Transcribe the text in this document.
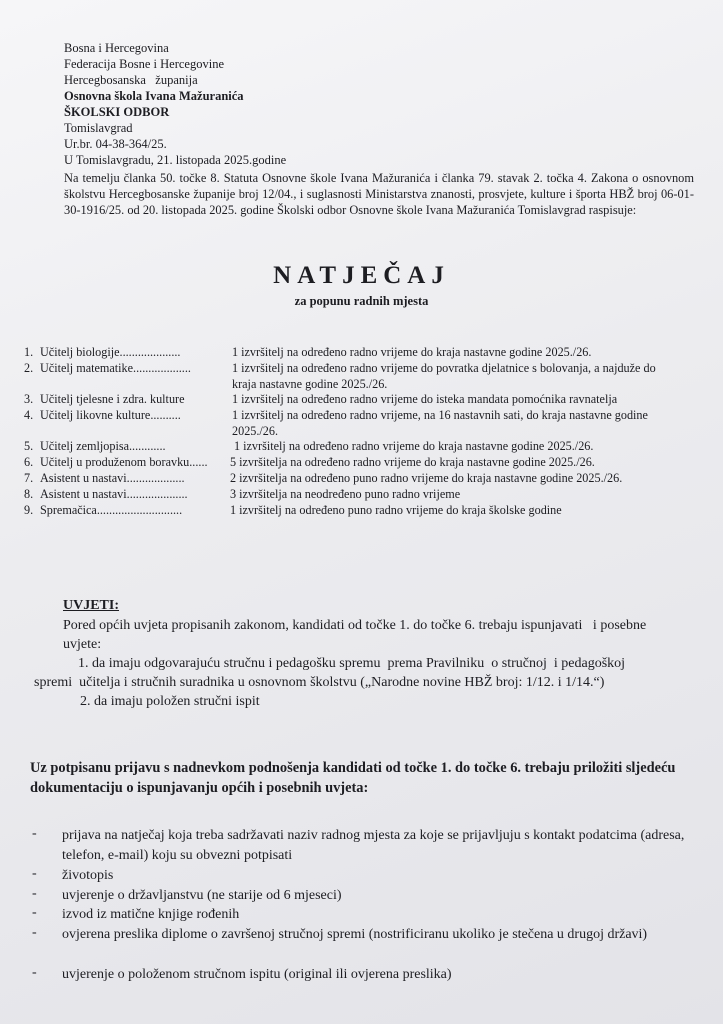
Bosna i Hercegovina
Federacija Bosne i Hercegovine
Hercegbosanska   županija
Osnovna škola Ivana Mažuranića
ŠKOLSKI ODBOR
Tomislavgrad
Ur.br. 04-38-364/25.
U Tomislavgradu, 21. listopada 2025.godine
Na temelju članka 50. točke 8. Statuta Osnovne škole Ivana Mažuranića i članka 79. stavak 2. točka 4. Zakona o osnovnom školstvu Hercegbosanske županije broj 12/04., i suglasnosti Ministarstva znanosti, prosvjete, kulture i športa HBŽ broj 06-01-30-1916/25. od 20. listopada 2025. godine Školski odbor Osnovne škole Ivana Mažuranića Tomislavgrad raspisuje:
NATJEČAJ
za popunu radnih mjesta
1. Učitelj biologije....................	1 izvršitelj na određeno radno vrijeme do kraja nastavne godine 2025./26.
2. Učitelj matematike...................	1 izvršitelj na određeno radno vrijeme do povratka djelatnice s bolovanja, a najduže do kraja nastavne godine 2025./26.
3. Učitelj tjelesne i zdra. kulture	1 izvršitelj na određeno radno vrijeme do isteka mandata pomoćnika ravnatelja
4. Učitelj likovne kulture..........	1 izvršitelj na određeno radno vrijeme, na 16 nastavnih sati, do kraja nastavne godine 2025./26.
5. Učitelj zemljopisa............	1 izvršitelj na određeno radno vrijeme do kraja nastavne godine 2025./26.
6. Učitelj u produženom boravku...... 5 izvršitelja na određeno radno vrijeme do kraja nastavne godine 2025./26.
7. Asistent u nastavi...................	2 izvršitelja na određeno puno radno vrijeme do kraja nastavne godine 2025./26.
8. Asistent u nastavi....................	3 izvršitelja na neodređeno puno radno vrijeme
9. Spremačica............................	1 izvršitelj na određeno puno radno vrijeme do kraja školske godine
UVJETI:
Pored općih uvjeta propisanih zakonom, kandidati od točke 1. do točke 6. trebaju ispunjavati   i posebne
uvjete:
1. da imaju odgovarajuću stručnu i pedagošku spremu  prema Pravilniku  o stručnoj  i pedagoškoj
spremi  učitelja i stručnih suradnika u osnovnom školstvu („Narodne novine HBŽ broj: 1/12. i 1/14.“)
2. da imaju položen stručni ispit
Uz potpisanu prijavu s nadnevkom podnošenja kandidati od točke 1. do točke 6. trebaju priložiti sljedeću dokumentaciju o ispunjavanju općih i posebnih uvjeta:
- prijava na natječaj koja treba sadržavati naziv radnog mjesta za koje se prijavljuju s kontakt podatcima (adresa, telefon, e-mail) koju su obvezni potpisati
- životopis
- uvjerenje o državljanstvu (ne starije od 6 mjeseci)
- izvod iz matične knjige rođenih
- ovjerena preslika diplome o završenoj stručnoj spremi (nostrificiranu ukoliko je stečena u drugoj državi)
- uvjerenje o položenom stručnom ispitu (original ili ovjerena preslika)
